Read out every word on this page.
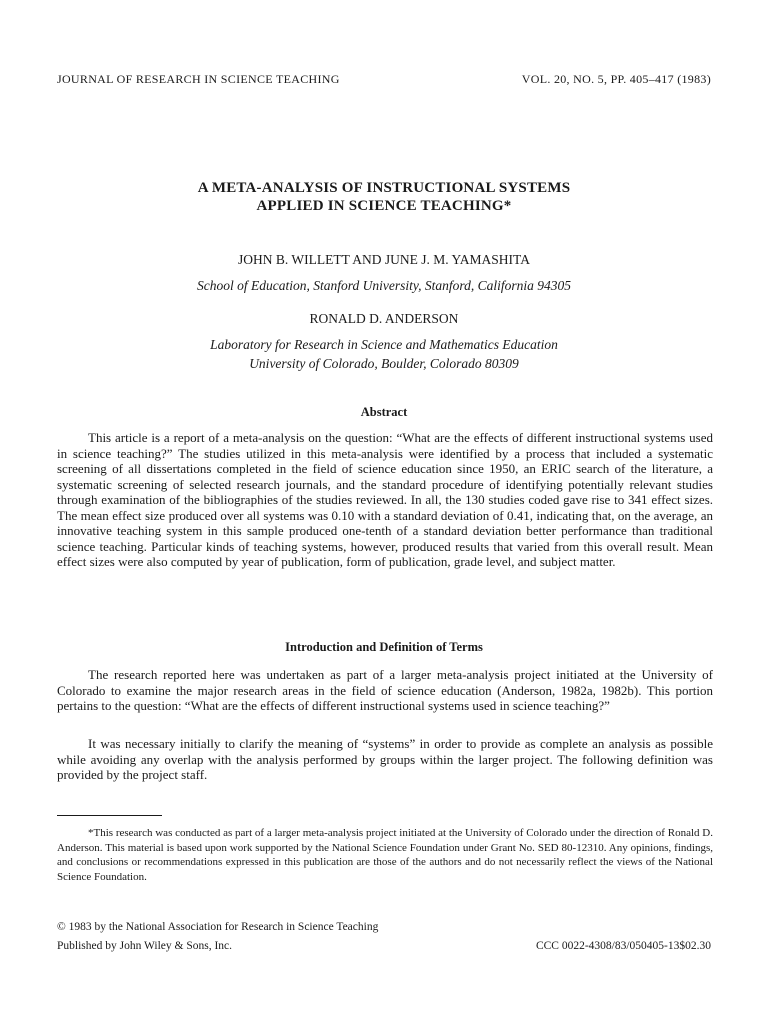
JOURNAL OF RESEARCH IN SCIENCE TEACHING	VOL. 20, NO. 5, PP. 405–417 (1983)
A META-ANALYSIS OF INSTRUCTIONAL SYSTEMS
APPLIED IN SCIENCE TEACHING*
JOHN B. WILLETT AND JUNE J. M. YAMASHITA
School of Education, Stanford University, Stanford, California 94305
RONALD D. ANDERSON
Laboratory for Research in Science and Mathematics Education
University of Colorado, Boulder, Colorado 80309
Abstract

This article is a report of a meta-analysis on the question: “What are the effects of different instructional systems used in science teaching?” The studies utilized in this meta-analysis were identified by a process that included a systematic screening of all dissertations completed in the field of science education since 1950, an ERIC search of the literature, a systematic screening of selected research journals, and the standard procedure of identifying potentially relevant studies through examination of the bibliographies of the studies reviewed. In all, the 130 studies coded gave rise to 341 effect sizes. The mean effect size produced over all systems was 0.10 with a standard deviation of 0.41, indicating that, on the average, an innovative teaching system in this sample produced one-tenth of a standard deviation better performance than traditional science teaching. Particular kinds of teaching systems, however, produced results that varied from this overall result. Mean effect sizes were also computed by year of publication, form of publication, grade level, and subject matter.

Introduction and Definition of Terms

The research reported here was undertaken as part of a larger meta-analysis project initiated at the University of Colorado to examine the major research areas in the field of science education (Anderson, 1982a, 1982b). This portion pertains to the question: “What are the effects of different instructional systems used in science teaching?”

It was necessary initially to clarify the meaning of “systems” in order to provide as complete an analysis as possible while avoiding any overlap with the analysis performed by groups within the larger project. The following definition was provided by the project staff.

*This research was conducted as part of a larger meta-analysis project initiated at the University of Colorado under the direction of Ronald D. Anderson. This material is based upon work supported by the National Science Foundation under Grant No. SED 80-12310. Any opinions, findings, and conclusions or recommendations expressed in this publication are those of the authors and do not necessarily reflect the views of the National Science Foundation.

© 1983 by the National Association for Research in Science Teaching
Published by John Wiley & Sons, Inc.	CCC 0022-4308/83/050405-13$02.30
